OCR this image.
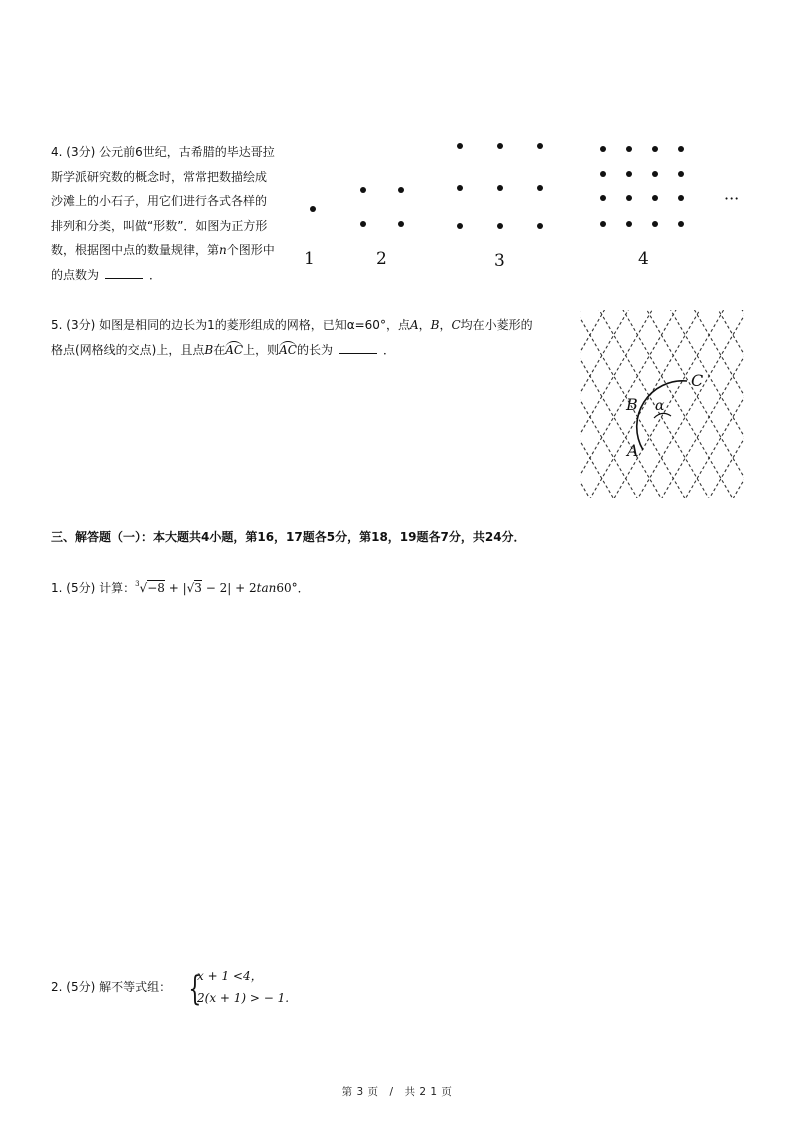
4. (3分) 公元前6世纪，古希腊的毕达哥拉
斯学派研究数的概念时，常常把数描绘成
沙滩上的小石子，用它们进行各式各样的
排列和分类，叫做“形数”．如图为正方形
数，根据图中点的数量规律，第n个图形中
的点数为	．
···
1	2	3	4
5. (3分) 如图是相同的边长为1的菱形组成的网格，已知α=60°，点A，B，C均在小菱形的
格点(网格线的交点)上，且点B在AC上，则AC的长为	．
A
B
C
α
三、解答题（一）：本大题共4小题，第16，17题各5分，第18，19题各7分，共24分．
1. (5分) 计算：$^3$√−8 + |√3 − 2| + 2tan60°．
2. (5分) 解不等式组： {
x + 1 <4，
2(x + 1) > − 1.
第 3 页　/　共 2 1 页
